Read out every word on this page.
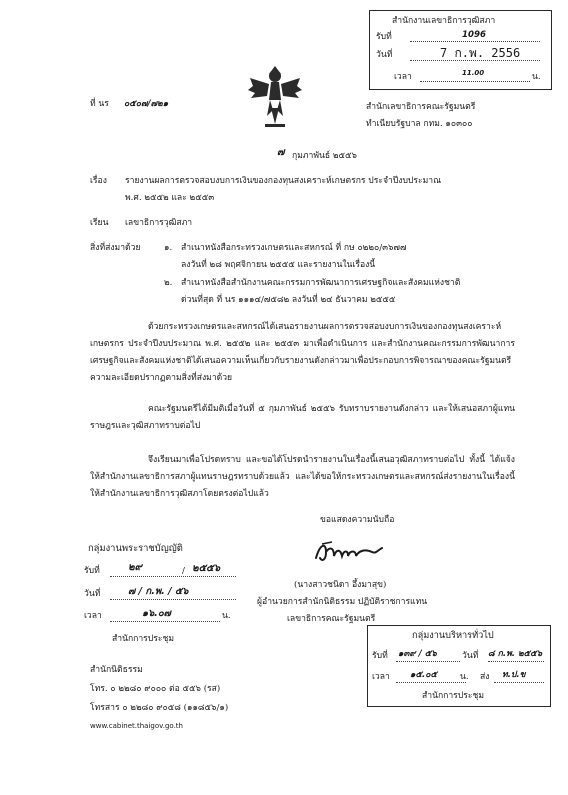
สำนักงานเลขาธิการวุฒิสภา
รับที่	1096
วันที่	7 ก.พ. 2556
เวลา	11.00	น.
ที่ นร ๐๕๐๗/๗๒๑	สำนักเลขาธิการคณะรัฐมนตรี
ทำเนียบรัฐบาล กทม. ๑๐๓๐๐
๗ กุมภาพันธ์ ๒๕๕๖
เรื่อง รายงานผลการตรวจสอบงบการเงินของกองทุนสงเคราะห์เกษตรกร ประจำปีงบประมาณ
พ.ศ. ๒๕๕๒ และ ๒๕๕๓
เรียน เลขาธิการวุฒิสภา
สิ่งที่ส่งมาด้วย	๑. สำเนาหนังสือกระทรวงเกษตรและสหกรณ์ ที่ กษ ๐๒๒๐/๓๖๗๗
ลงวันที่ ๒๘ พฤศจิกายน ๒๕๕๕ และรายงานในเรื่องนี้
๒. สำเนาหนังสือสำนักงานคณะกรรมการพัฒนาการเศรษฐกิจและสังคมแห่งชาติ
ด่วนที่สุด ที่ นร ๑๑๑๔/๗๕๘๒ ลงวันที่ ๒๔ ธันวาคม ๒๕๕๕
ด้วยกระทรวงเกษตรและสหกรณ์ได้เสนอรายงานผลการตรวจสอบงบการเงินของกองทุนสงเคราะห์เกษตรกร ประจำปีงบประมาณ พ.ศ. ๒๕๕๒ และ ๒๕๕๓ มาเพื่อดำเนินการ และสำนักงานคณะกรรมการพัฒนาการเศรษฐกิจและสังคมแห่งชาติได้เสนอความเห็นเกี่ยวกับรายงานดังกล่าวมาเพื่อประกอบการพิจารณาของคณะรัฐมนตรี ความละเอียดปรากฏตามสิ่งที่ส่งมาด้วย
คณะรัฐมนตรีได้มีมติเมื่อวันที่ ๕ กุมภาพันธ์ ๒๕๕๖ รับทราบรายงานดังกล่าว และให้เสนอสภาผู้แทนราษฎรและวุฒิสภาทราบต่อไป
จึงเรียนมาเพื่อโปรดทราบ และขอได้โปรดนำรายงานในเรื่องนี้เสนอวุฒิสภาทราบต่อไป ทั้งนี้ ได้แจ้งให้สำนักงานเลขาธิการสภาผู้แทนราษฎรทราบด้วยแล้ว และได้ขอให้กระทรวงเกษตรและสหกรณ์ส่งรายงานในเรื่องนี้ให้สำนักงานเลขาธิการวุฒิสภาโดยตรงต่อไปแล้ว
ขอแสดงความนับถือ
(นางสาวชนิดา อึ้งมาสุข)
ผู้อำนวยการสำนักนิติธรรม ปฏิบัติราชการแทน
เลขาธิการคณะรัฐมนตรี
กลุ่มงานพระราชบัญญัติ
รับที่	๒๙	/ ๒๕๕๖
วันที่	๗ / ก.พ. / ๕๖
เวลา	๑๖.๐๗	น.
สำนักการประชุม	กลุ่มงานบริหารทั่วไป
รับที่ ๑๓๙ / ๕๖	วันที่ ๘ ก.พ. ๒๕๕๖
เวลา ๑๕.๐๕	น. ส่ง ท.ป.ข
สำนักการประชุม
สำนักนิติธรรม
โทร. ๐ ๒๒๘๐ ๙๐๐๐ ต่อ ๕๕๖ (รส)
โทรสาร ๐ ๒๒๘๐ ๙๐๕๘ (๑๑๘๕๖/๑)
www.cabinet.thaigov.go.th
